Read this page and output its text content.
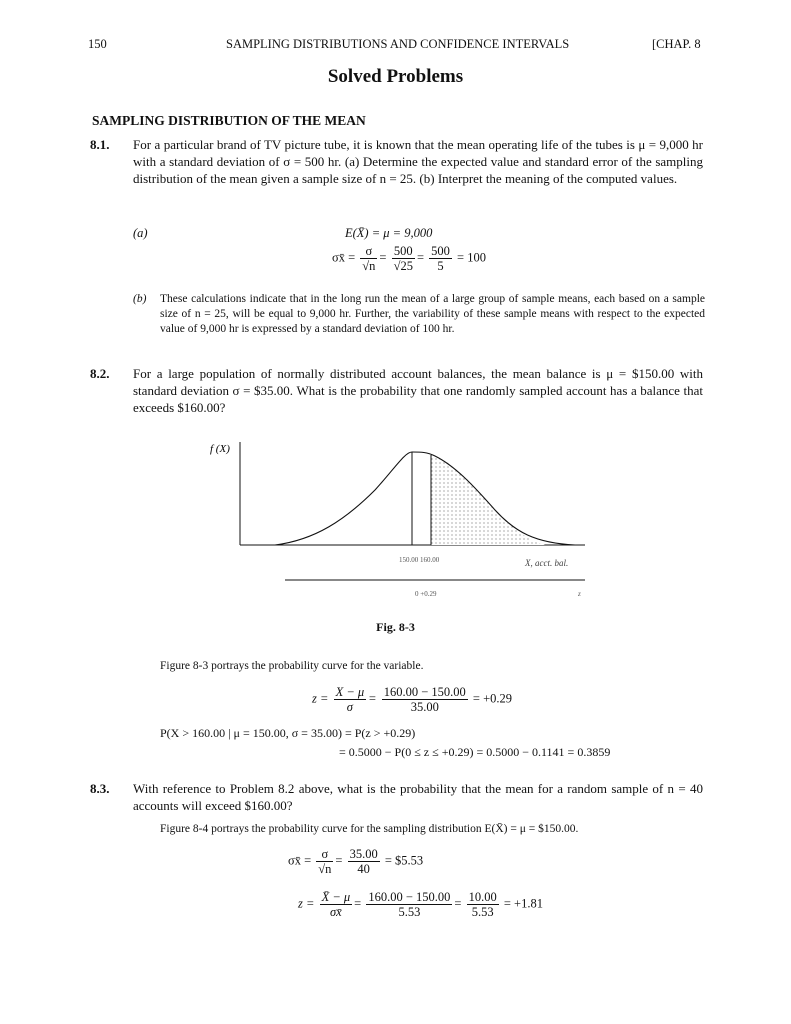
150	SAMPLING DISTRIBUTIONS AND CONFIDENCE INTERVALS	[CHAP. 8
Solved Problems
SAMPLING DISTRIBUTION OF THE MEAN
8.1. For a particular brand of TV picture tube, it is known that the mean operating life of the tubes is μ = 9,000 hr with a standard deviation of σ = 500 hr. (a) Determine the expected value and standard error of the sampling distribution of the mean given a sample size of n = 25. (b) Interpret the meaning of the computed values.
(a)	E(X̄) = μ = 9,000
σx̄ = $\frac{\sigma}{√n} = \frac{500}{√25} = \frac{500}{5} = 100$
(b) These calculations indicate that in the long run the mean of a large group of sample means, each based on a sample size of n = 25, will be equal to 9,000 hr. Further, the variability of these sample means with respect to the expected value of 9,000 hr is expressed by a standard deviation of 100 hr.
8.2. For a large population of normally distributed account balances, the mean balance is μ = $150.00 with standard deviation σ = $35.00. What is the probability that one randomly sampled account has a balance that exceeds $160.00?
f (X)
150.00 160.00	X, acct. bal.
0 +0.29	z
Fig. 8-3
Figure 8-3 portrays the probability curve for the variable.
$z = \frac{X - \mu}{\sigma} = \frac{160.00 - 150.00}{35.00} = +0.29$
P(X > 160.00 | μ = 150.00, σ = 35.00) = P(z > +0.29)
= 0.5000 − P(0 ≤ z ≤ +0.29) = 0.5000 − 0.1141 = 0.3859
8.3. With reference to Problem 8.2 above, what is the probability that the mean for a random sample of n = 40 accounts will exceed $160.00?
Figure 8-4 portrays the probability curve for the sampling distribution E(X̄) = μ = $150.00.
σx̄ = $\frac{\sigma}{√n} = \frac{35.00}{40}$ = $5.53
$z = \frac{X̄ - \mu}{\sigma x̄} = \frac{160.00 - 150.00}{5.53} = \frac{10.00}{5.53} = +1.81$
